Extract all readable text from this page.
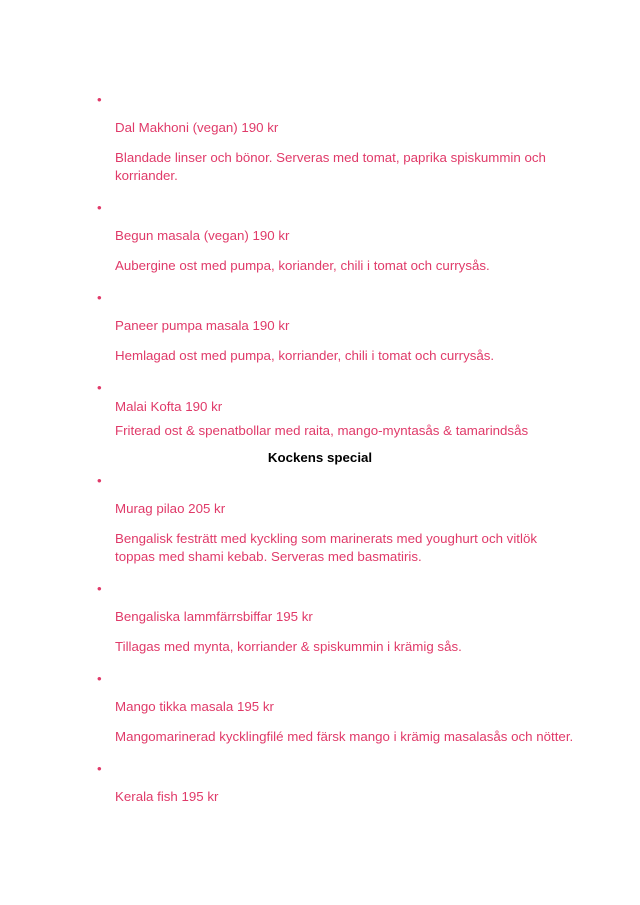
•
Dal Makhoni (vegan) 190 kr
Blandade linser och bönor. Serveras med tomat, paprika spiskummin och
korriander.
•
Begun masala (vegan) 190 kr
Aubergine ost med pumpa, koriander, chili i tomat och currysås.
•
Paneer pumpa masala 190 kr
Hemlagad ost med pumpa, korriander, chili i tomat och currysås.
•
Malai Kofta 190 kr
Friterad ost & spenatbollar med raita, mango-myntasås & tamarindsås
Kockens special
•
Murag pilao 205 kr
Bengalisk festrätt med kyckling som marinerats med youghurt och vitlök
toppas med shami kebab. Serveras med basmatiris.
•
Bengaliska lammfärrsbiffar 195 kr
Tillagas med mynta, korriander & spiskummin i krämig sås.
•
Mango tikka masala 195 kr
Mangomarinerad kycklingfilé med färsk mango i krämig masalasås och nötter.
•
Kerala fish 195 kr
